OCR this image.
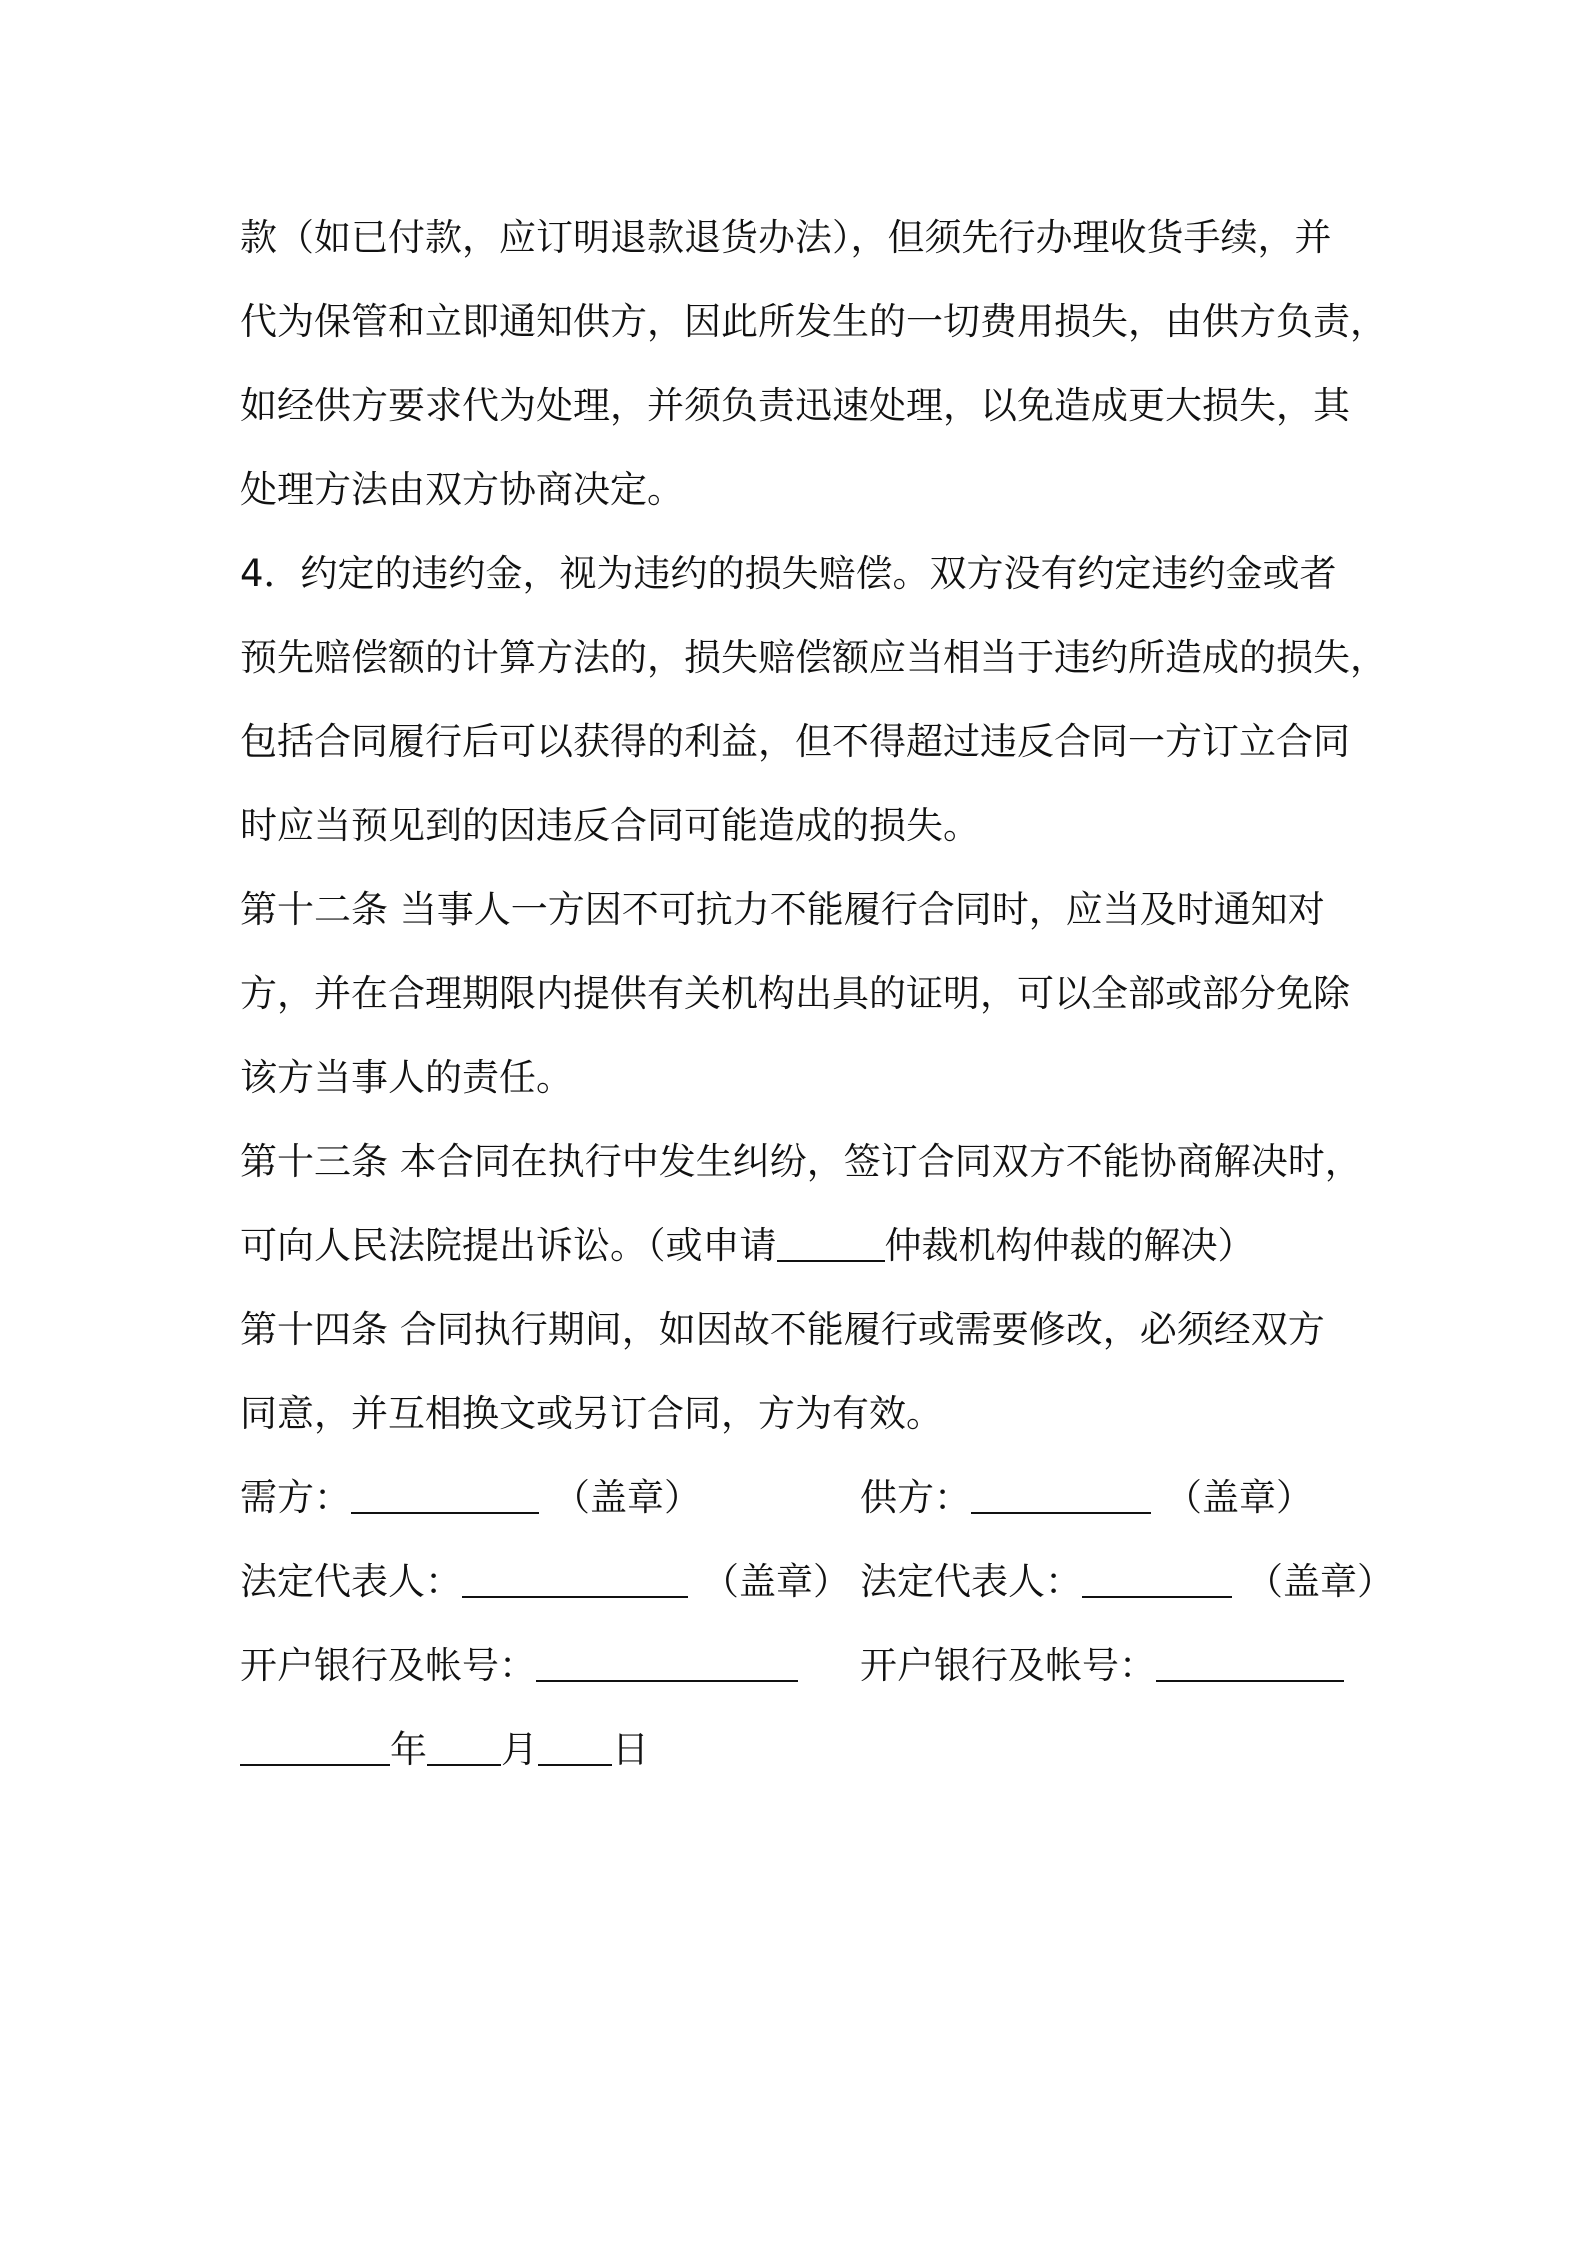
款（如已付款，应订明退款退货办法），但须先行办理收货手续，并
代为保管和立即通知供方，因此所发生的一切费用损失，由供方负责，
如经供方要求代为处理，并须负责迅速处理，以免造成更大损失，其
处理方法由双方协商决定。
4．约定的违约金，视为违约的损失赔偿。双方没有约定违约金或者
预先赔偿额的计算方法的，损失赔偿额应当相当于违约所造成的损失，
包括合同履行后可以获得的利益，但不得超过违反合同一方订立合同
时应当预见到的因违反合同可能造成的损失。
第十二条 当事人一方因不可抗力不能履行合同时，应当及时通知对
方，并在合理期限内提供有关机构出具的证明，可以全部或部分免除
该方当事人的责任。
第十三条 本合同在执行中发生纠纷，签订合同双方不能协商解决时，
可向人民法院提出诉讼。（或申请	仲裁机构仲裁的解决）
第十四条 合同执行期间，如因故不能履行或需要修改，必须经双方
同意，并互相换文或另订合同，方为有效。
需方：	（盖章）	供方：	（盖章）
法定代表人：	（盖章） 法定代表人：	（盖章）
开户银行及帐号：	开户银行及帐号：
年 月 日
